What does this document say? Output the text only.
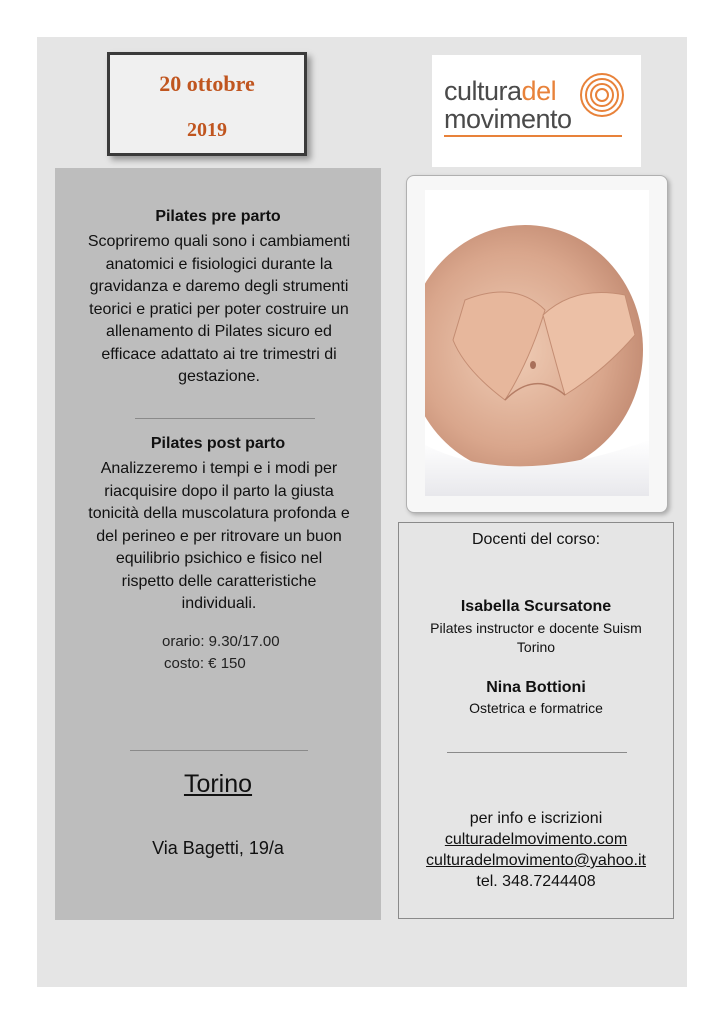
20 ottobre
2019
culturadel
movimento
Pilates pre parto
Scopriremo quali sono i cambiamenti
anatomici e fisiologici durante la
gravidanza e daremo degli strumenti
teorici e pratici per poter costruire un
allenamento di Pilates sicuro ed
efficace adattato ai tre trimestri di
gestazione.
Pilates post parto
Analizzeremo i tempi e i modi per
riacquisire dopo il parto la giusta
tonicità della muscolatura profonda e
del perineo e per ritrovare un buon
equilibrio psichico e fisico nel
rispetto delle caratteristiche
individuali.
orario: 9.30/17.00
costo: € 150
Torino
Via Bagetti, 19/a
Docenti del corso:
Isabella Scursatone
Pilates instructor e docente Suism
Torino
Nina Bottioni
Ostetrica e formatrice
per info e iscrizioni
culturadelmovimento.com
culturadelmovimento@yahoo.it
tel. 348.7244408
